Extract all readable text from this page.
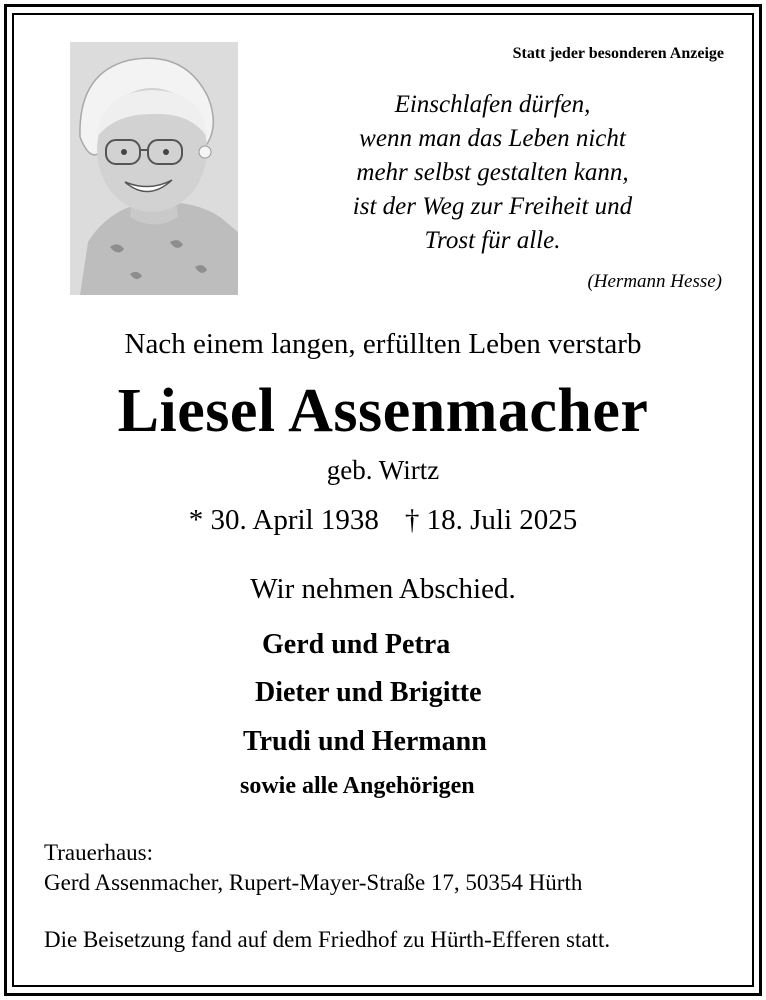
Statt jeder besonderen Anzeige
Einschlafen dürfen,
wenn man das Leben nicht
mehr selbst gestalten kann,
ist der Weg zur Freiheit und
Trost für alle.
(Hermann Hesse)
Nach einem langen, erfüllten Leben verstarb
Liesel Assenmacher
geb. Wirtz
* 30. April 1938 † 18. Juli 2025
Wir nehmen Abschied.
Gerd und Petra
Dieter und Brigitte
Trudi und Hermann
sowie alle Angehörigen
Trauerhaus:
Gerd Assenmacher, Rupert-Mayer-Straße 17, 50354 Hürth
Die Beisetzung fand auf dem Friedhof zu Hürth-Efferen statt.
